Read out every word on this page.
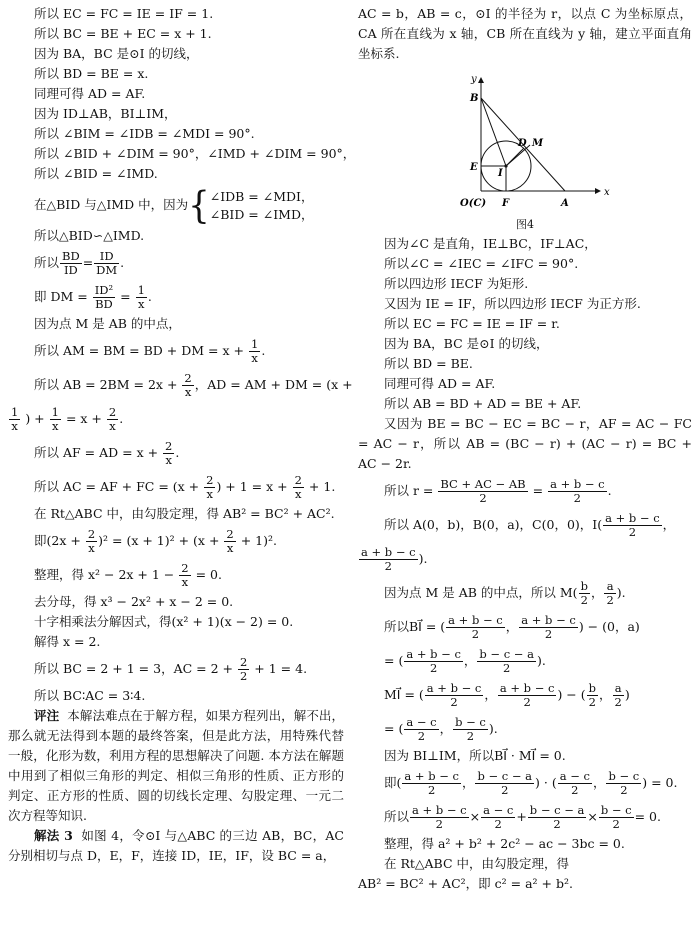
所以 EC = FC = IE = IF = 1.

所以 BC = BE + EC = x + 1.

因为 BA，BC 是⊙I 的切线，

所以 BD = BE = x.

同理可得 AD = AF.

因为 ID⊥AB，BI⊥IM，

所以 ∠BIM = ∠IDB = ∠MDI = 90°.

所以 ∠BID + ∠DIM = 90°，∠IMD + ∠DIM = 90°，

所以 ∠BID = ∠IMD.

在△BID 与△IMD 中，因为{ ∠IDB = ∠MDI，
∠BID = ∠IMD，

所以△BID∽△IMD.

所以 $\frac{BD}{ID} = \frac{ID}{DM}$ .

即 DM = $\frac{\text{ID²}}{BD} = \frac{1}{x}$ .

因为点 M 是 AB 的中点，

所以 AM = BM = BD + DM = $x + \frac{1}{x}$ .

所以 AB = $2BM = 2x + \frac{2}{x}$ ，AD = AM + DM = (x +

$\frac{1}{x}$ ) + $\frac{1}{x} = x + \frac{2}{x}$ .

所以 AF = AD = $x + \frac{2}{x}$ .

所以 AC = AF + FC = ($x + \frac{2}{x}$ ) + $1 = x + \frac{2}{x} + 1$.

在 Rt△ABC 中，由勾股定理，得 AB² = BC² + AC².

即$(2x + \frac{2}{x} )^2 = (x + 1)^2 + (x + \frac{2}{x} + 1)^2$.

整理，得 $x^2 - 2x + 1 - \frac{2}{x} = 0$.

去分母，得 x³ − 2x² + x − 2 = 0.

十字相乘法分解因式，得(x² + 1)(x − 2) = 0.

解得 x = 2.

所以 BC = 2 + 1 = 3，AC = $2 + \frac{2}{2} + 1 = 4$.

所以 BC∶AC = 3∶4.

评注 本解法难点在于解方程，如果方程列出，解不出，那么就无法得到本题的最终答案，但是此方法，用特殊代替一般，化形为数，利用方程的思想解决了问题. 本方法在解题中用到了相似三角形的判定、相似三角形的性质、正方形的判定、正方形的性质、圆的切线长定理、勾股定理、一元二次方程等知识.

解法 3 如图 4，令⊙I 与△ABC 的三边 AB，BC，AC 分别相切与点 D，E，F，连接 ID，IE，IF，设 BC = a，

AC = b，AB = c，⊙I 的半径为 r，以点 C 为坐标原点，CA 所在直线为 x 轴，CB 所在直线为 y 轴，建立平面直角坐标系.

y
x
B
D M
E
I
O(C) F	A
图4

因为∠C 是直角，IE⊥BC，IF⊥AC，

所以∠C = ∠IEC = ∠IFC = 90°.

所以四边形 IECF 为矩形.

又因为 IE = IF，所以四边形 IECF 为正方形.

所以 EC = FC = IE = IF = r.

因为 BA，BC 是⊙I 的切线，

所以 BD = BE.

同理可得 AD = AF.

所以 AB = BD + AD = BE + AF.

又因为 BE = BC − EC = BC − r，AF = AC − FC = AC − r，所以 AB = (BC − r) + (AC − r) = BC + AC − 2r.

所以 $r = \frac{BC + AC - AB}{2} = \frac{a + b - c}{2}$ .

所以 A(0，b)，B(0，a)，C(0，0)，$I( \frac{a + b - c}{2}$ ，

$\frac{a + b - c}{2}$ ).

因为点 M 是 AB 的中点，所以 $M( \frac{b}{2}$ ， $\frac{a}{2}$ ).

所以BI⃗ = ( $\frac{a + b - c}{2}$ ， $\frac{a + b - c}{2}$ ) − (0，a)

= ( $\frac{a + b - c}{2}$ ， $\frac{b - c - a}{2}$ ).

MI⃗ = ( $\frac{a + b - c}{2}$ ， $\frac{a + b - c}{2}$ ) − ( $\frac{b}{2}$ ， $\frac{a}{2}$ )

= ( $\frac{a - c}{2}$ ， $\frac{b - c}{2}$ ).

因为 BI⊥IM，所以BI⃗ · MI⃗ = 0.

即( $\frac{a + b - c}{2}$ ， $\frac{b - c - a}{2}$ ) · ( $\frac{a - c}{2}$ ， $\frac{b - c}{2}$ ) = 0.

所以 $\frac{a + b - c}{2} \times \frac{a - c}{2} + \frac{b - c - a}{2} \times \frac{b - c}{2} = 0$.

整理，得 a² + b² + 2c² − ac − 3bc = 0.

在 Rt△ABC 中，由勾股定理，得

AB² = BC² + AC²，即 c² = a² + b².
